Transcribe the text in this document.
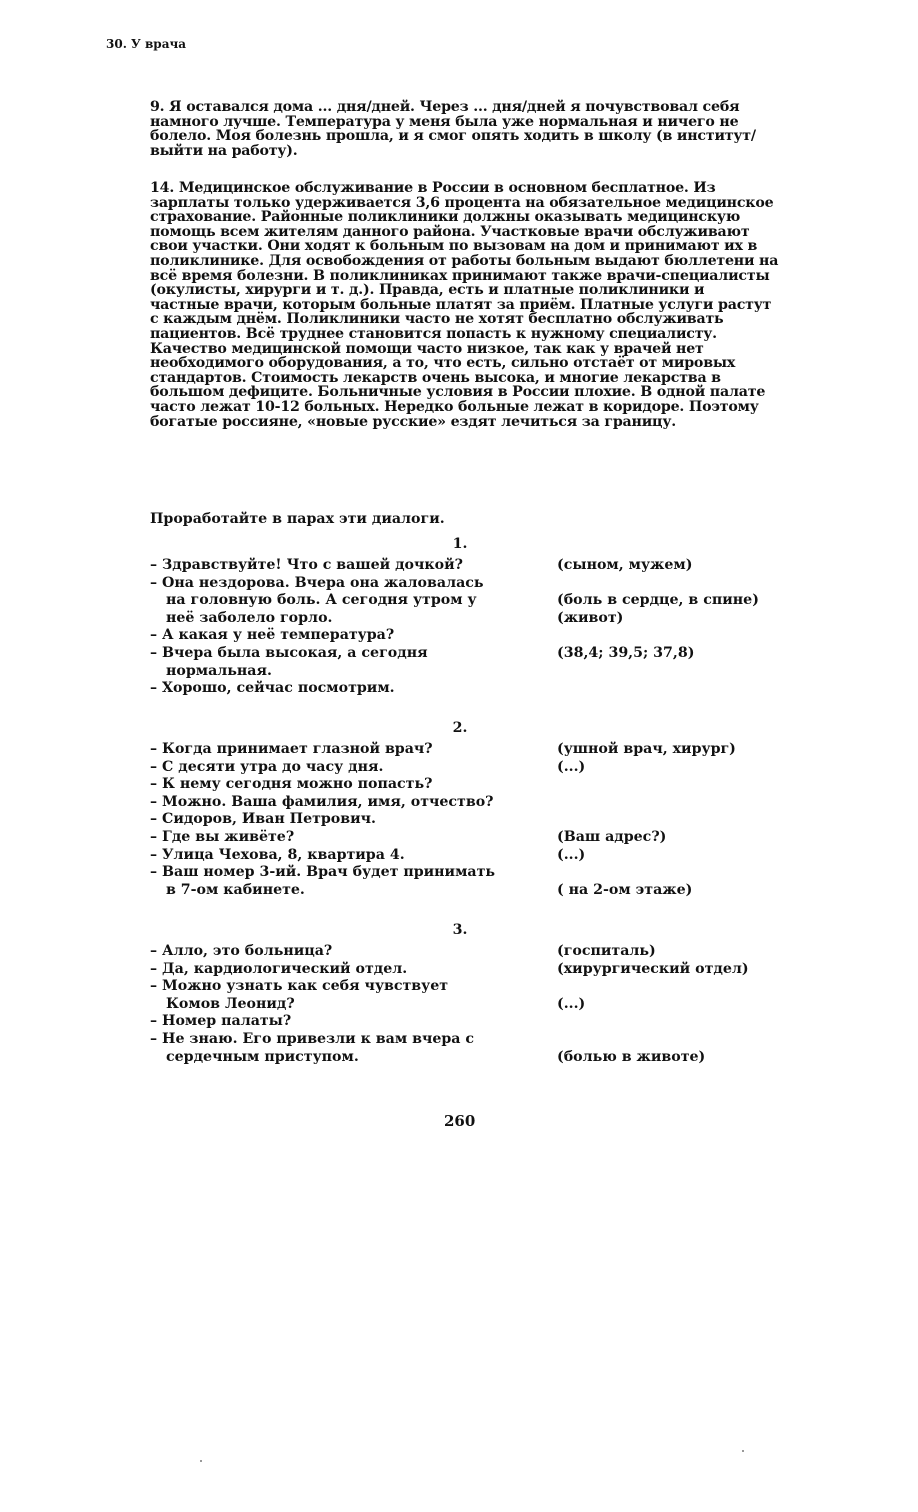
30. У врача
9. Я оставался дома ... дня/дней. Через ... дня/дней я почувствовал себя
намного лучше. Температура у меня была уже нормальная и ничего не
болело. Моя болезнь прошла, и я смог опять ходить в школу (в институт/
выйти на работу).
14. Медицинское обслуживание в России в основном бесплатное. Из
зарплаты только удерживается 3,6 процента на обязательное медицинское
страхование. Районные поликлиники должны оказывать медицинскую
помощь всем жителям данного района. Участковые врачи обслуживают
свои участки. Они ходят к больным по вызовам на дом и принимают их в
поликлинике. Для освобождения от работы больным выдают бюллетени на
всё время болезни. В поликлиниках принимают также врачи-специалисты
(окулисты, хирурги и т. д.). Правда, есть и платные поликлиники и
частные врачи, которым больные платят за приём. Платные услуги растут
с каждым днём. Поликлиники часто не хотят бесплатно обслуживать
пациентов. Всё труднее становится попасть к нужному специалисту.
Качество медицинской помощи часто низкое, так как у врачей нет
необходимого оборудования, а то, что есть, сильно отстаёт от мировых
стандартов. Стоимость лекарств очень высока, и многие лекарства в
большом дефиците. Больничные условия в России плохие. В одной палате
часто лежат 10-12 больных. Нередко больные лежат в коридоре. Поэтому
богатые россияне, «новые русские» ездят лечиться за границу.
Проработайте в парах эти диалоги.
1.
– Здравствуйте! Что с вашей дочкой?	(сыном, мужем)
– Она нездорова. Вчера она жаловалась
на головную боль. А сегодня утром у	(боль в сердце, в спине)
неё заболело горло.	(живот)
– А какая у неё температура?
– Вчера была высокая, а сегодня	(38,4; 39,5; 37,8)
нормальная.
– Хорошо, сейчас посмотрим.
2.
– Когда принимает глазной врач?	(ушной врач, хирург)
– С десяти утра до часу дня.	(...)
– К нему сегодня можно попасть?
– Можно. Ваша фамилия, имя, отчество?
– Сидоров, Иван Петрович.
– Где вы живёте?	(Ваш адрес?)
– Улица Чехова, 8, квартира 4.	(...)
– Ваш номер 3-ий. Врач будет принимать
в 7-ом кабинете.	( на 2-ом этаже)
3.
– Алло, это больница?	(госпиталь)
– Да, кардиологический отдел.	(хирургический отдел)
– Можно узнать как себя чувствует
Комов Леонид?	(...)
– Номер палаты?
– Не знаю. Его привезли к вам вчера с
сердечным приступом.	(болью в животе)
260
